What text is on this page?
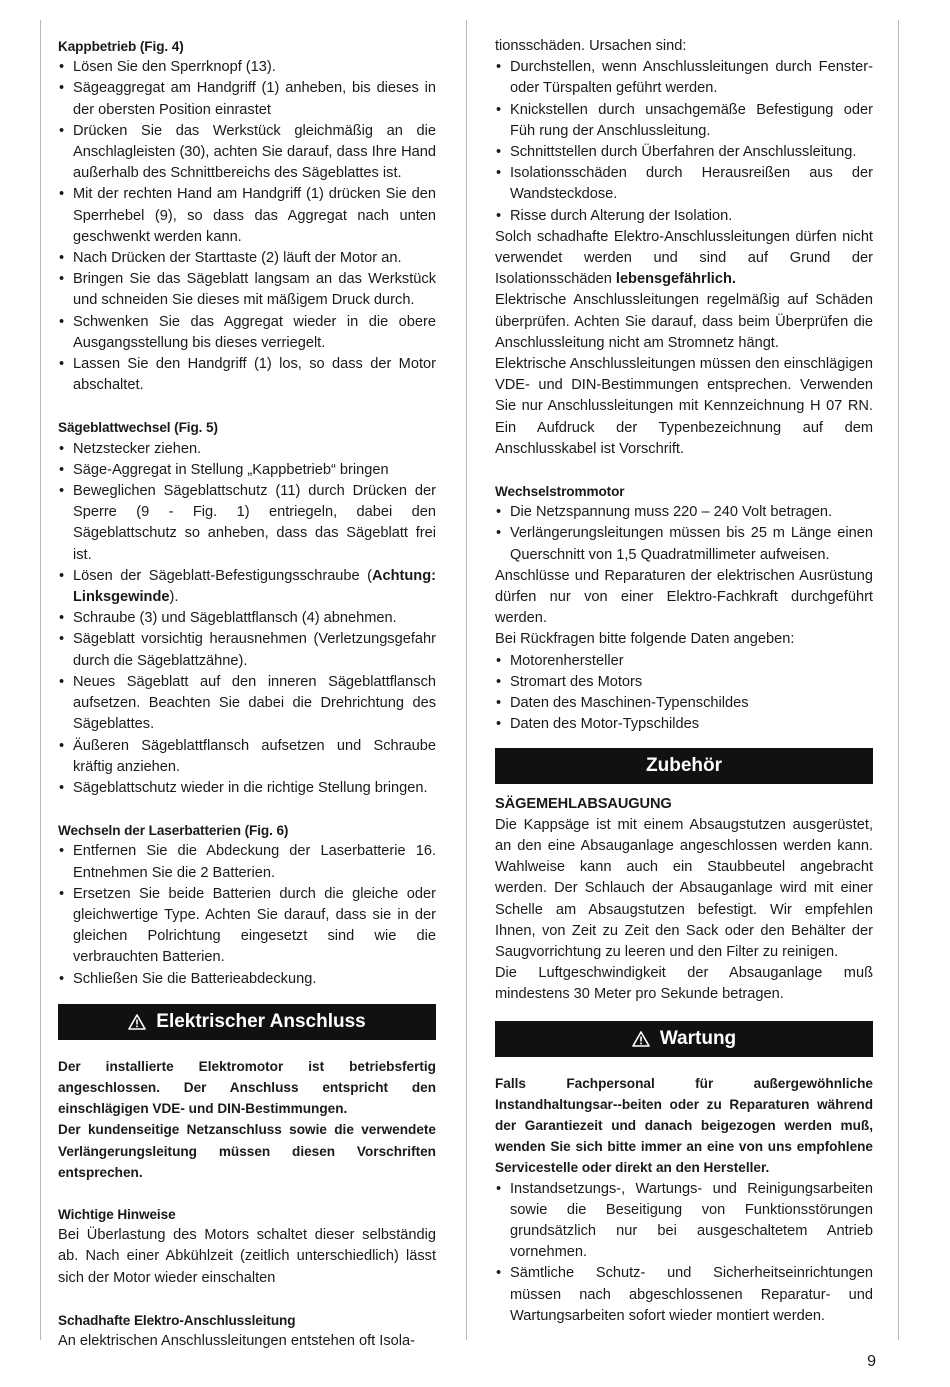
Kappbetrieb (Fig. 4)
• Lösen Sie den Sperrknopf (13).
• Sägeaggregat am Handgriff (1) anheben, bis dieses in der obersten Position einrastet
• Drücken Sie das Werkstück gleichmäßig an die Anschlagleisten (30), achten Sie darauf, dass Ihre Hand außerhalb des Schnittbereichs des Sägeblattes ist.
• Mit der rechten Hand am Handgriff (1) drücken Sie den Sperrhebel (9), so dass das Aggregat nach unten geschwenkt werden kann.
• Nach Drücken der Starttaste (2) läuft der Motor an.
• Bringen Sie das Sägeblatt langsam an das Werkstück und schneiden Sie dieses mit mäßigem Druck durch.
• Schwenken Sie das Aggregat wieder in die obere Ausgangsstellung bis dieses verriegelt.
• Lassen Sie den Handgriff (1) los, so dass der Motor abschaltet.
Sägeblattwechsel (Fig. 5)
• Netzstecker ziehen.
• Säge-Aggregat in Stellung „Kappbetrieb“ bringen
• Beweglichen Sägeblattschutz (11) durch Drücken der Sperre (9 - Fig. 1) entriegeln, dabei den Sägeblattschutz so anheben, dass das Sägeblatt frei ist.
• Lösen der Sägeblatt-Befestigungsschraube (Achtung: Linksgewinde).
• Schraube (3) und Sägeblattflansch (4) abnehmen.
• Sägeblatt vorsichtig herausnehmen (Verletzungsgefahr durch die Sägeblattzähne).
• Neues Sägeblatt auf den inneren Sägeblattflansch aufsetzen. Beachten Sie dabei die Drehrichtung des Sägeblattes.
• Äußeren Sägeblattflansch aufsetzen und Schraube kräftig anziehen.
• Sägeblattschutz wieder in die richtige Stellung bringen.
Wechseln der Laserbatterien (Fig. 6)
• Entfernen Sie die Abdeckung der Laserbatterie 16. Entnehmen Sie die 2 Batterien.
• Ersetzen Sie beide Batterien durch die gleiche oder gleichwertige Type. Achten Sie darauf, dass sie in der gleichen Polrichtung eingesetzt sind wie die verbrauchten Batterien.
• Schließen Sie die Batterieabdeckung.
Elektrischer Anschluss

Der installierte Elektromotor ist betriebsfertig angeschlossen. Der Anschluss entspricht den einschlägigen VDE- und DIN-Bestimmungen.

Der kundenseitige Netzanschluss sowie die verwendete Verlängerungsleitung müssen diesen Vorschriften entsprechen.

Wichtige Hinweise

Bei Überlastung des Motors schaltet dieser selbständig ab. Nach einer Abkühlzeit (zeitlich unterschiedlich) lässt sich der Motor wieder einschalten

Schadhafte Elektro-Anschlussleitung

An elektrischen Anschlussleitungen entstehen oft Isola-

tionsschäden. Ursachen sind:

• Durchstellen, wenn Anschlussleitungen durch Fenster- oder Türspalten geführt werden.
• Knickstellen durch unsachgemäße Befestigung oder Füh rung der Anschlussleitung.
• Schnittstellen durch Überfahren der Anschlussleitung.
• Isolationsschäden durch Herausreißen aus der Wandsteckdose.
• Risse durch Alterung der Isolation.

Solch schadhafte Elektro-Anschlussleitungen dürfen nicht verwendet werden und sind auf Grund der Isolationsschäden lebensgefährlich.

Elektrische Anschlussleitungen regelmäßig auf Schäden überprüfen. Achten Sie darauf, dass beim Überprüfen die Anschlussleitung nicht am Stromnetz hängt.

Elektrische Anschlussleitungen müssen den einschlägigen VDE- und DIN-Bestimmungen entsprechen. Verwenden Sie nur Anschlussleitungen mit Kennzeichnung H 07 RN. Ein Aufdruck der Typenbezeichnung auf dem Anschlusskabel ist Vorschrift.

Wechselstrommotor
• Die Netzspannung muss 220 – 240 Volt betragen.
• Verlängerungsleitungen müssen bis 25 m Länge einen Querschnitt von 1,5 Quadratmillimeter aufweisen.

Anschlüsse und Reparaturen der elektrischen Ausrüstung dürfen nur von einer Elektro-Fachkraft durchgeführt werden.

Bei Rückfragen bitte folgende Daten angeben:

• Motorenhersteller
• Stromart des Motors
• Daten des Maschinen-Typenschildes
• Daten des Motor-Typschildes
Zubehör
SÄGEMEHLABSAUGUNG

Die Kappsäge ist mit einem Absaugstutzen ausgerüstet, an den eine Absauganlage angeschlossen werden kann. Wahlweise kann auch ein Staubbeutel angebracht werden. Der Schlauch der Absauganlage wird mit einer Schelle am Absaugstutzen befestigt. Wir empfehlen Ihnen, von Zeit zu Zeit den Sack oder den Behälter der Saugvorrichtung zu leeren und den Filter zu reinigen.

Die Luftgeschwindigkeit der Absauganlage muß mindestens 30 Meter pro Sekunde betragen.

Wartung

Falls Fachpersonal für außergewöhnliche Instandhaltungsar--beiten oder zu Reparaturen während der Garantiezeit und danach beigezogen werden muß, wenden Sie sich bitte immer an eine von uns empfohlene Servicestelle oder direkt an den Hersteller.

• Instandsetzungs-, Wartungs- und Reinigungsarbeiten sowie die Beseitigung von Funktionsstörungen grundsätzlich nur bei ausgeschaltetem Antrieb vornehmen.
• Sämtliche Schutz- und Sicherheitseinrichtungen müssen nach abgeschlossenen Reparatur- und Wartungsarbeiten sofort wieder montiert werden.
9
